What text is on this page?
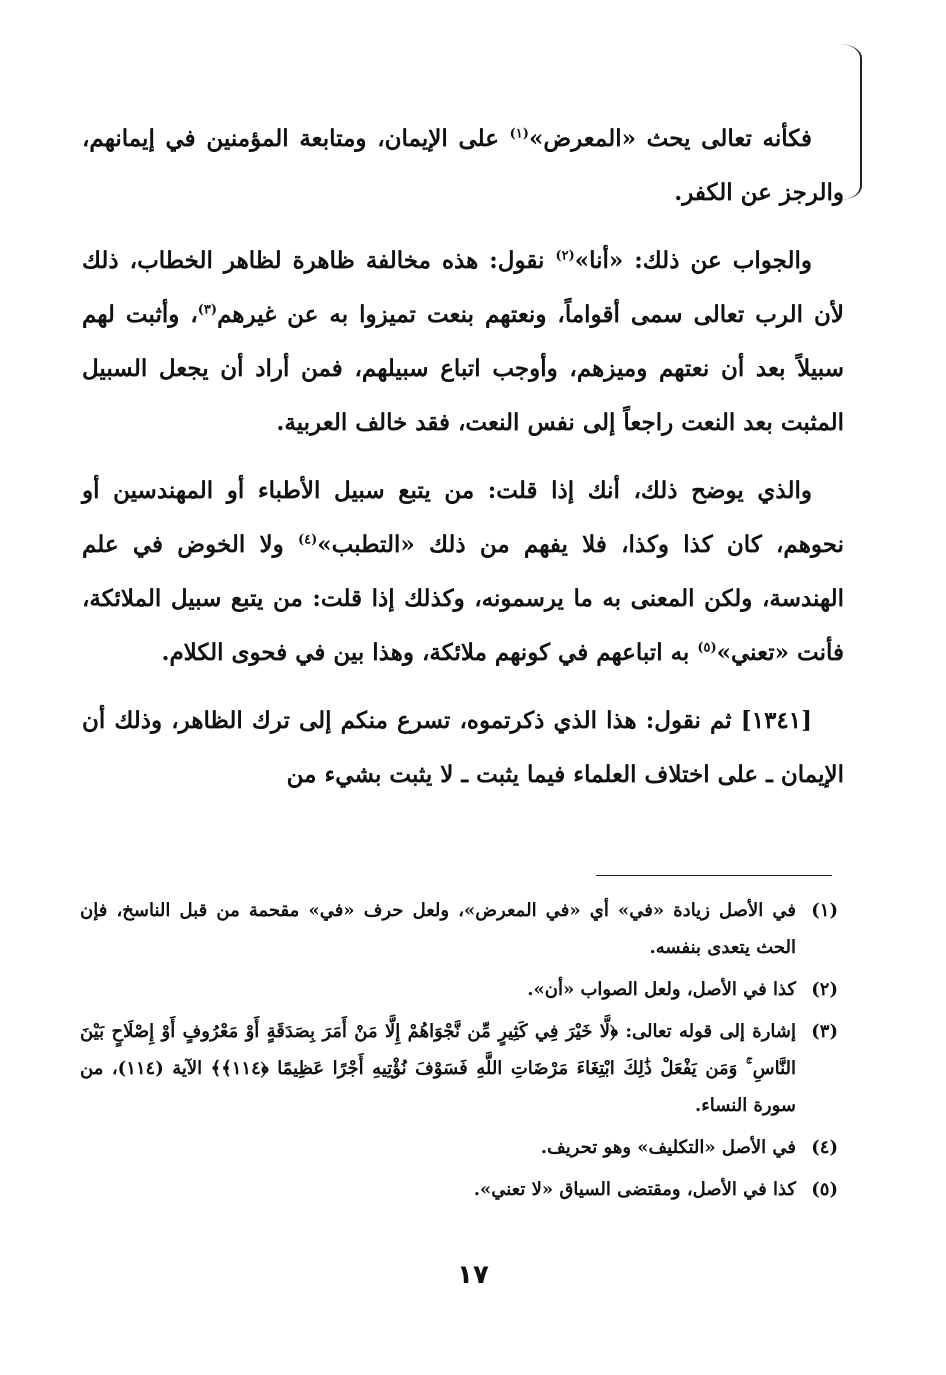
فكأنه تعالى يحث «المعرض»$^{(١)}$ على الإيمان، ومتابعة المؤمنين في إيمانهم، والرجز عن الكفر.

والجواب عن ذلك: «أنا»$^{(٢)}$ نقول: هذه مخالفة ظاهرة لظاهر الخطاب، ذلك لأن الرب تعالى سمى أقواماً، ونعتهم بنعت تميزوا به عن غيرهم$^{(٣)}$، وأثبت لهم سبيلاً بعد أن نعتهم وميزهم، وأوجب اتباع سبيلهم، فمن أراد أن يجعل السبيل المثبت بعد النعت راجعاً إلى نفس النعت، فقد خالف العربية.

والذي يوضح ذلك، أنك إذا قلت: من يتبع سبيل الأطباء أو المهندسين أو نحوهم، كان كذا وكذا، فلا يفهم من ذلك «التطبب»$^{(٤)}$ ولا الخوض في علم الهندسة، ولكن المعنى به ما يرسمونه، وكذلك إذا قلت: من يتبع سبيل الملائكة، فأنت «تعني»$^{(٥)}$ به اتباعهم في كونهم ملائكة، وهذا بين في فحوى الكلام.

[١٣٤١] ثم نقول: هذا الذي ذكرتموه، تسرع منكم إلى ترك الظاهر، وذلك أن الإيمان ـ على اختلاف العلماء فيما يثبت ـ لا يثبت بشيء من

(١)
في الأصل زيادة «في» أي «في المعرض»، ولعل حرف «في» مقحمة من قبل الناسخ، فإن الحث يتعدى بنفسه.
(٢)
كذا في الأصل، ولعل الصواب «أن».
(٣)
إشارة إلى قوله تعالى: ﴿لَّا خَيْرَ فِي كَثِيرٍ مِّن نَّجْوَاهُمْ إِلَّا مَنْ أَمَرَ بِصَدَقَةٍ أَوْ مَعْرُوفٍ أَوْ إِصْلَاحٍ بَيْنَ النَّاسِ ۚ وَمَن يَفْعَلْ ذَٰلِكَ ابْتِغَاءَ مَرْضَاتِ اللَّهِ فَسَوْفَ نُؤْتِيهِ أَجْرًا عَظِيمًا ﴿١١٤﴾﴾ الآية (١١٤)، من سورة النساء.
(٤)
في الأصل «التكليف» وهو تحريف.
(٥)
كذا في الأصل، ومقتضى السياق «لا تعني».
١٧
